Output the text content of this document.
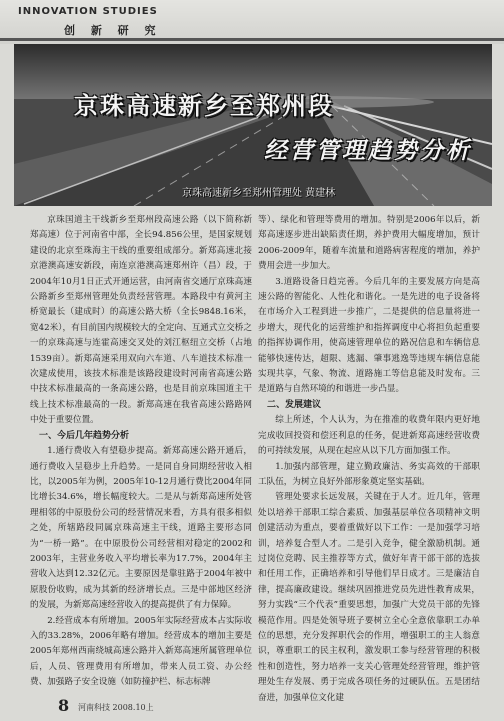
INNOVATION STUDIES
创 新 研 究
京珠高速新乡至郑州段
经营管理趋势分析
京珠高速新乡至郑州管理处 黄建林

京珠国道主干线新乡至郑州段高速公路（以下简称新郑高速）位于河南省中部，全长94.856公里，是国家规划建设的北京至珠海主干线的重要组成部分。新郑高速北接京港澳高速安新段，南连京港澳高速郑州许（昌）段，于2004年10月1日正式开通运营，由河南省交通厅京珠高速公路新乡至郑州管理处负责经营管理。本路段中有黄河主桥宽最长（建成时）的高速公路大桥（全长9848.16米，宽42米），有目前国内规模较大的全定向、互通式立交桥之一的京珠高速与连霍高速交叉处的刘江枢纽立交桥（占地1539亩）。新郑高速采用双向六车道、八车道技术标准一次建成使用，该技术标准是该路段建设时河南省高速公路中技术标准最高的一条高速公路，也是目前京珠国道主干线上技术标准最高的一段。新郑高速在我省高速公路路网中处于重要位置。

一、今后几年趋势分析

1.通行费收入有望稳步提高。新郑高速公路开通后，通行费收入呈稳步上升趋势。一是同自身同期经营收入相比，以2005年为例，2005年10-12月通行费比2004年同比增长34.6%，增长幅度较大。二是从与新郑高速所处管理相邻的中原股份公司的经营情况来看，方具有很多相似之处，所辖路段同属京珠高速主干线，道路主要形态同为“一桥一路”。在中原股份公司经营相对稳定的2002和2003年，主营业务收入平均增长率为17.7%，2004年主营收入达到12.32亿元。主要原因是靠驻路于2004年被中原股份收购，成为其新的经济增长点。三是中部地区经济的发展，为新郑高速经营收入的提高提供了有力保障。

2.经营成本有所增加。2005年实际经营成本占实际收入的33.28%，2006年略有增加。经营成本的增加主要是2005年郑州西南绕城高速公路并入新郑高速所属管理单位后，人员、管理费用有所增加，带来人员工资、办公经费、加强路子安全设施（如防撞护栏、标志标牌

等）、绿化和管理等费用的增加。特别是2006年以后，新郑高速逐步进出缺陷责任期，养护费用大幅度增加，预计2006-2009年，随着车流量和道路病害程度的增加，养护费用会进一步加大。

3.道路设备日趋完善。今后几年的主要发展方向是高速公路的智能化、人性化和谐化。一是先进的电子设备将在市场介入工程到进一步推广，二是提供的信息量将进一步增大，现代化的运营维护和指挥调度中心将担负起重要的指挥协调作用，使高速管理单位的路况信息和车辆信息能够快速传达，超限、逃漏、肇事逃逸等违规车辆信息能实现共享，气象、物流、道路施工等信息能及时发布。三是道路与自然环境的和谐进一步凸显。

二、发展建议

综上所述，个人认为，为在推准的收费年限内更好地完成收回投资和偿还利息的任务，促进新郑高速经营收费的可持续发展，从现在起应从以下几方面加强工作。

1.加强内部管理，建立勤政廉洁、务实高效的干部职工队伍，为树立良好外部形象奠定坚实基础。

管理处要求长远发展，关键在于人才。近几年，管理处以培养干部职工综合素质、加强基层单位各项精神文明创建活动为重点，要着重做好以下工作：一是加强学习培训，培养复合型人才。二是引入竞争，健全激励机制。通过岗位竞聘、民主推荐等方式，做好年青干部干部的选拔和任用工作，正确培养和引导他们早日成才。三是廉洁自律，提高廉政建设。继续巩固推进党员先进性教育成果，努力实践“三个代表”重要思想，加强广大党员干部的先锋模范作用。四是处领导班子要树立全心全意依靠职工办单位的思想，充分发挥职代会的作用，增强职工的主人翁意识，尊重职工的民主权利，激发职工参与经营管理的积极性和创造性，努力培养一支关心管理处经营管理，维护管理处生存发展、勇于完成各项任务的过硬队伍。五是团结奋进，加强单位文化建

8 河南科技 2008.10上
